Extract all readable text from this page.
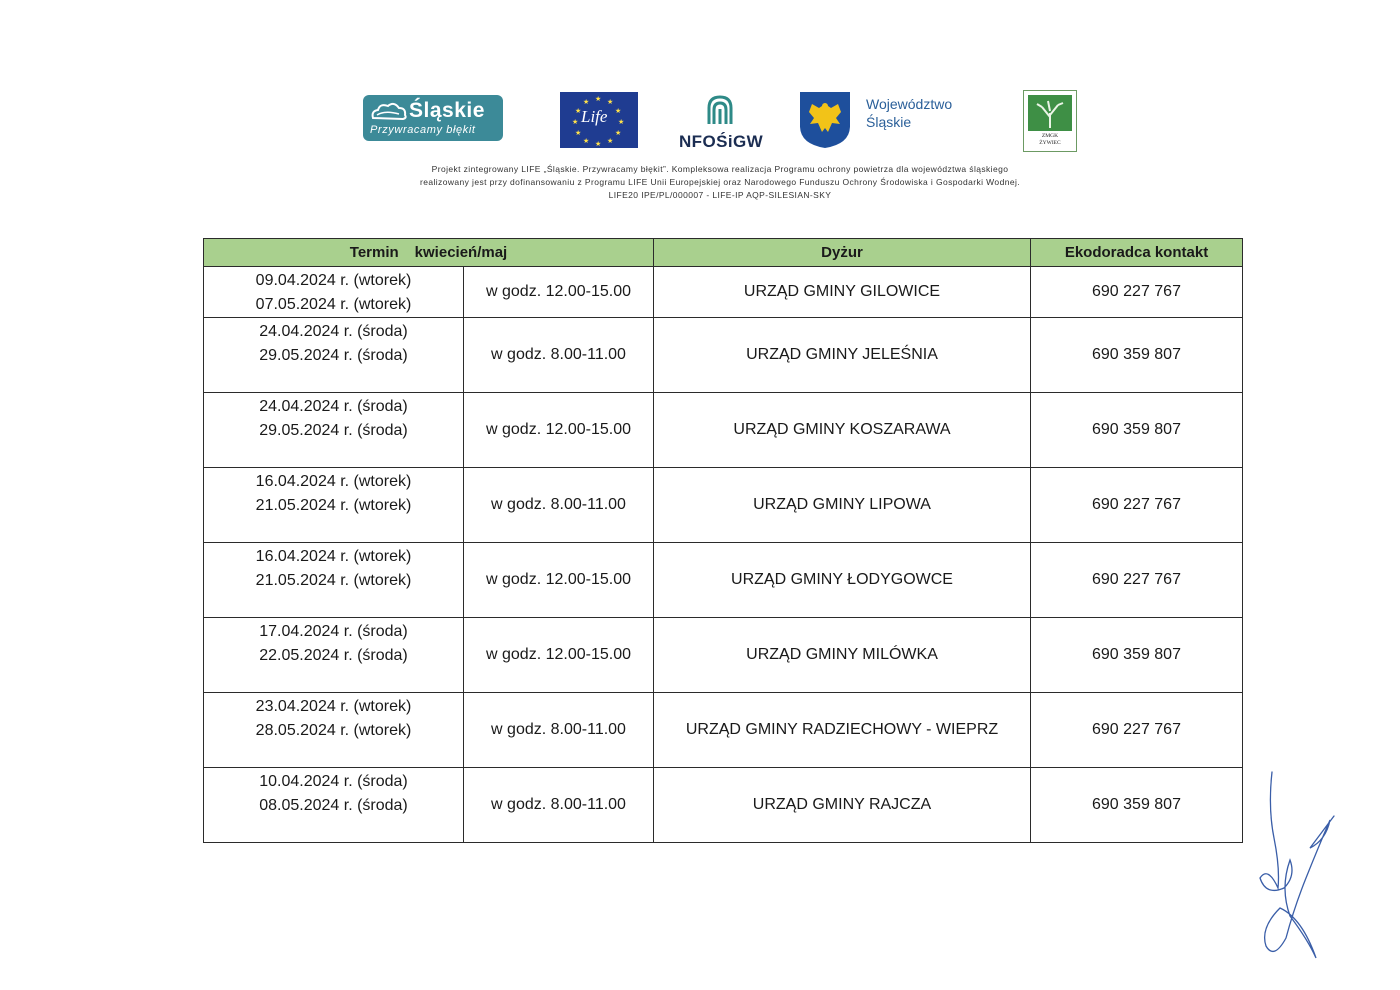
Śląskie
Przywracamy błękit
★ ★
★
★
★
★
★
★
★
★
★
★
Life
NFOŚiGW
Województwo
Śląskie
ZMGK
ŻYWIEC
Projekt zintegrowany LIFE „Śląskie. Przywracamy błękit”. Kompleksowa realizacja Programu ochrony powietrza dla województwa śląskiego
realizowany jest przy dofinansowaniu z Programu LIFE Unii Europejskiej oraz Narodowego Funduszu Ochrony Środowiska i Gospodarki Wodnej.
LIFE20 IPE/PL/000007 - LIFE-IP AQP-SILESIAN-SKY
Termin kwiecień/maj		Dyżur	Ekodoradca kontakt

09.04.2024 r. (wtorek)
07.05.2024 r. (wtorek)	w godz. 12.00-15.00	URZĄD GMINY GILOWICE	690 227 767

24.04.2024 r. (środa)
29.05.2024 r. (środa)	w godz. 8.00-11.00	URZĄD GMINY JELEŚNIA	690 359 807

24.04.2024 r. (środa)
29.05.2024 r. (środa)	w godz. 12.00-15.00	URZĄD GMINY KOSZARAWA	690 359 807

16.04.2024 r. (wtorek)
21.05.2024 r. (wtorek)	w godz. 8.00-11.00	URZĄD GMINY LIPOWA	690 227 767

16.04.2024 r. (wtorek)
21.05.2024 r. (wtorek)	w godz. 12.00-15.00	URZĄD GMINY ŁODYGOWCE	690 227 767

17.04.2024 r. (środa)
22.05.2024 r. (środa)	w godz. 12.00-15.00	URZĄD GMINY MILÓWKA	690 359 807

23.04.2024 r. (wtorek)
28.05.2024 r. (wtorek)	w godz. 8.00-11.00	URZĄD GMINY RADZIECHOWY - WIEPRZ	690 227 767

10.04.2024 r. (środa)
08.05.2024 r. (środa)	w godz. 8.00-11.00	URZĄD GMINY RAJCZA	690 359 807
